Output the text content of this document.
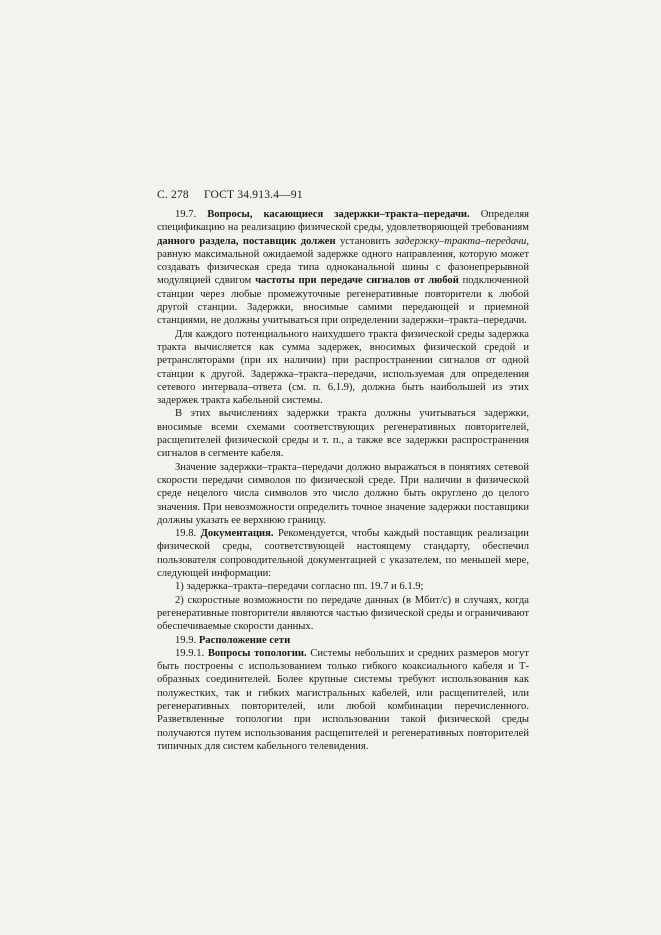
С. 278 ГОСТ 34.913.4—91

19.7. Вопросы, касающиеся задержки–тракта–передачи. Определяя спецификацию на реализацию физической среды, удовлетворяющей требованиям данного раздела, поставщик должен установить задержку–тракта–передачи, равную максимальной ожидаемой задержке одного направления, которую может создавать физическая среда типа одноканальной шины с фазонепрерывной модуляцией сдвигом частоты при передаче сигналов от любой подключенной станции через любые промежуточные регенеративные повторители к любой другой станции. Задержки, вносимые самими передающей и приемной станциями, не должны учитываться при определении задержки–тракта–передачи.

Для каждого потенциального наихудшего тракта физической среды задержка тракта вычисляется как сумма задержек, вносимых физической средой и ретрансляторами (при их наличии) при распространении сигналов от одной станции к другой. Задержка–тракта–передачи, используемая для определения сетевого интервала–ответа (см. п. 6.1.9), должна быть наибольшей из этих задержек тракта кабельной системы.

В этих вычислениях задержки тракта должны учитываться задержки, вносимые всеми схемами соответствующих регенеративных повторителей, расщепителей физической среды и т. п., а также все задержки распространения сигналов в сегменте кабеля.

Значение задержки–тракта–передачи должно выражаться в понятиях сетевой скорости передачи символов по физической среде. При наличии в физической среде нецелого числа символов это число должно быть округлено до целого значения. При невозможности определить точное значение задержки поставщики должны указать ее верхнюю границу.

19.8. Документация. Рекомендуется, чтобы каждый поставщик реализации физической среды, соответствующей настоящему стандарту, обеспечил пользователя сопроводительной документацией с указателем, по меньшей мере, следующей информации:

1) задержка–тракта–передачи согласно пп. 19.7 и 6.1.9;

2) скоростные возможности по передаче данных (в Мбит/с) в случаях, когда регенеративные повторители являются частью физической среды и ограничивают обеспечиваемые скорости данных.

19.9. Расположение сети

19.9.1. Вопросы топологии. Системы небольших и средних размеров могут быть построены с использованием только гибкого коаксиального кабеля и Т-образных соединителей. Более крупные системы требуют использования как полужестких, так и гибких магистральных кабелей, или расщепителей, или регенеративных повторителей, или любой комбинации перечисленного. Разветвленные топологии при использовании такой физической среды получаются путем использования расщепителей и регенеративных повторителей типичных для систем кабельного телевидения.
